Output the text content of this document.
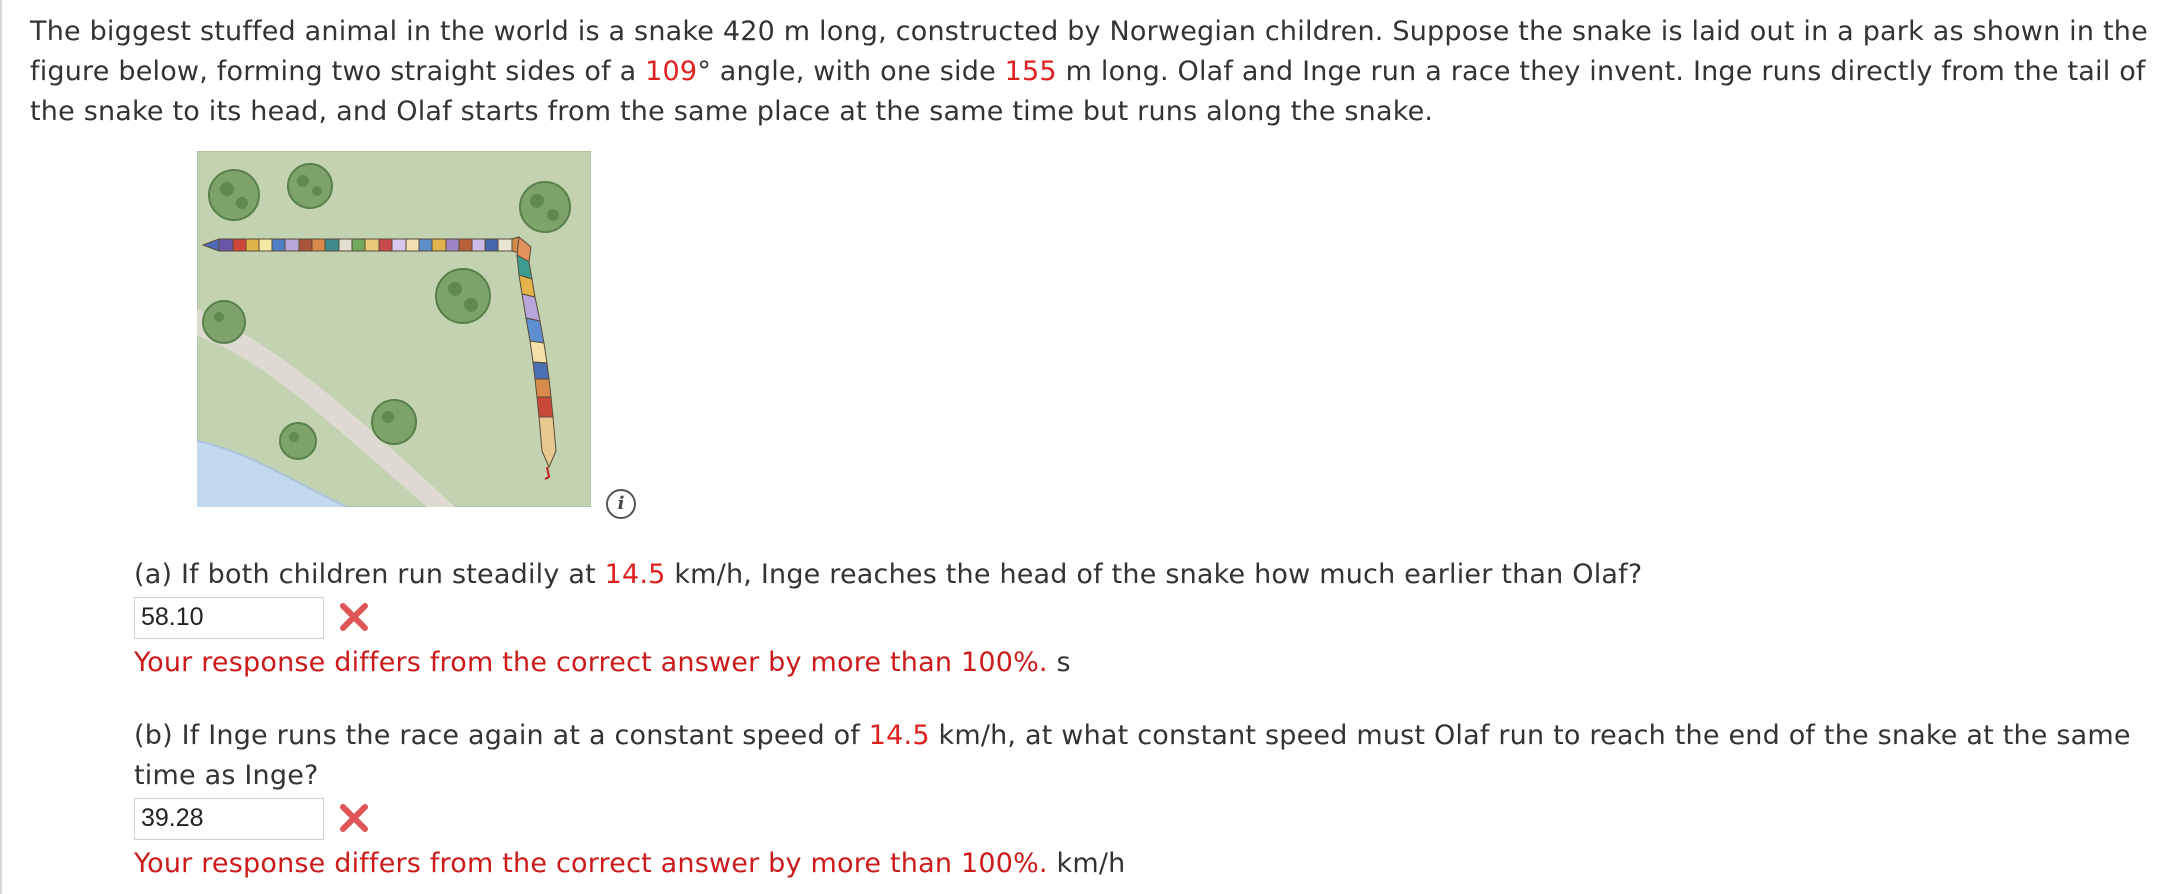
The biggest stuffed animal in the world is a snake 420 m long, constructed by Norwegian children. Suppose the snake is laid out in a park as shown in the figure below, forming two straight sides of a 109° angle, with one side 155 m long. Olaf and Inge run a race they invent. Inge runs directly from the tail of the snake to its head, and Olaf starts from the same place at the same time but runs along the snake.

i

(a) If both children run steadily at 14.5 km/h, Inge reaches the head of the snake how much earlier than Olaf?

58.10

Your response differs from the correct answer by more than 100%. s

(b) If Inge runs the race again at a constant speed of 14.5 km/h, at what constant speed must Olaf run to reach the end of the snake at the same time as Inge?

39.28

Your response differs from the correct answer by more than 100%. km/h
